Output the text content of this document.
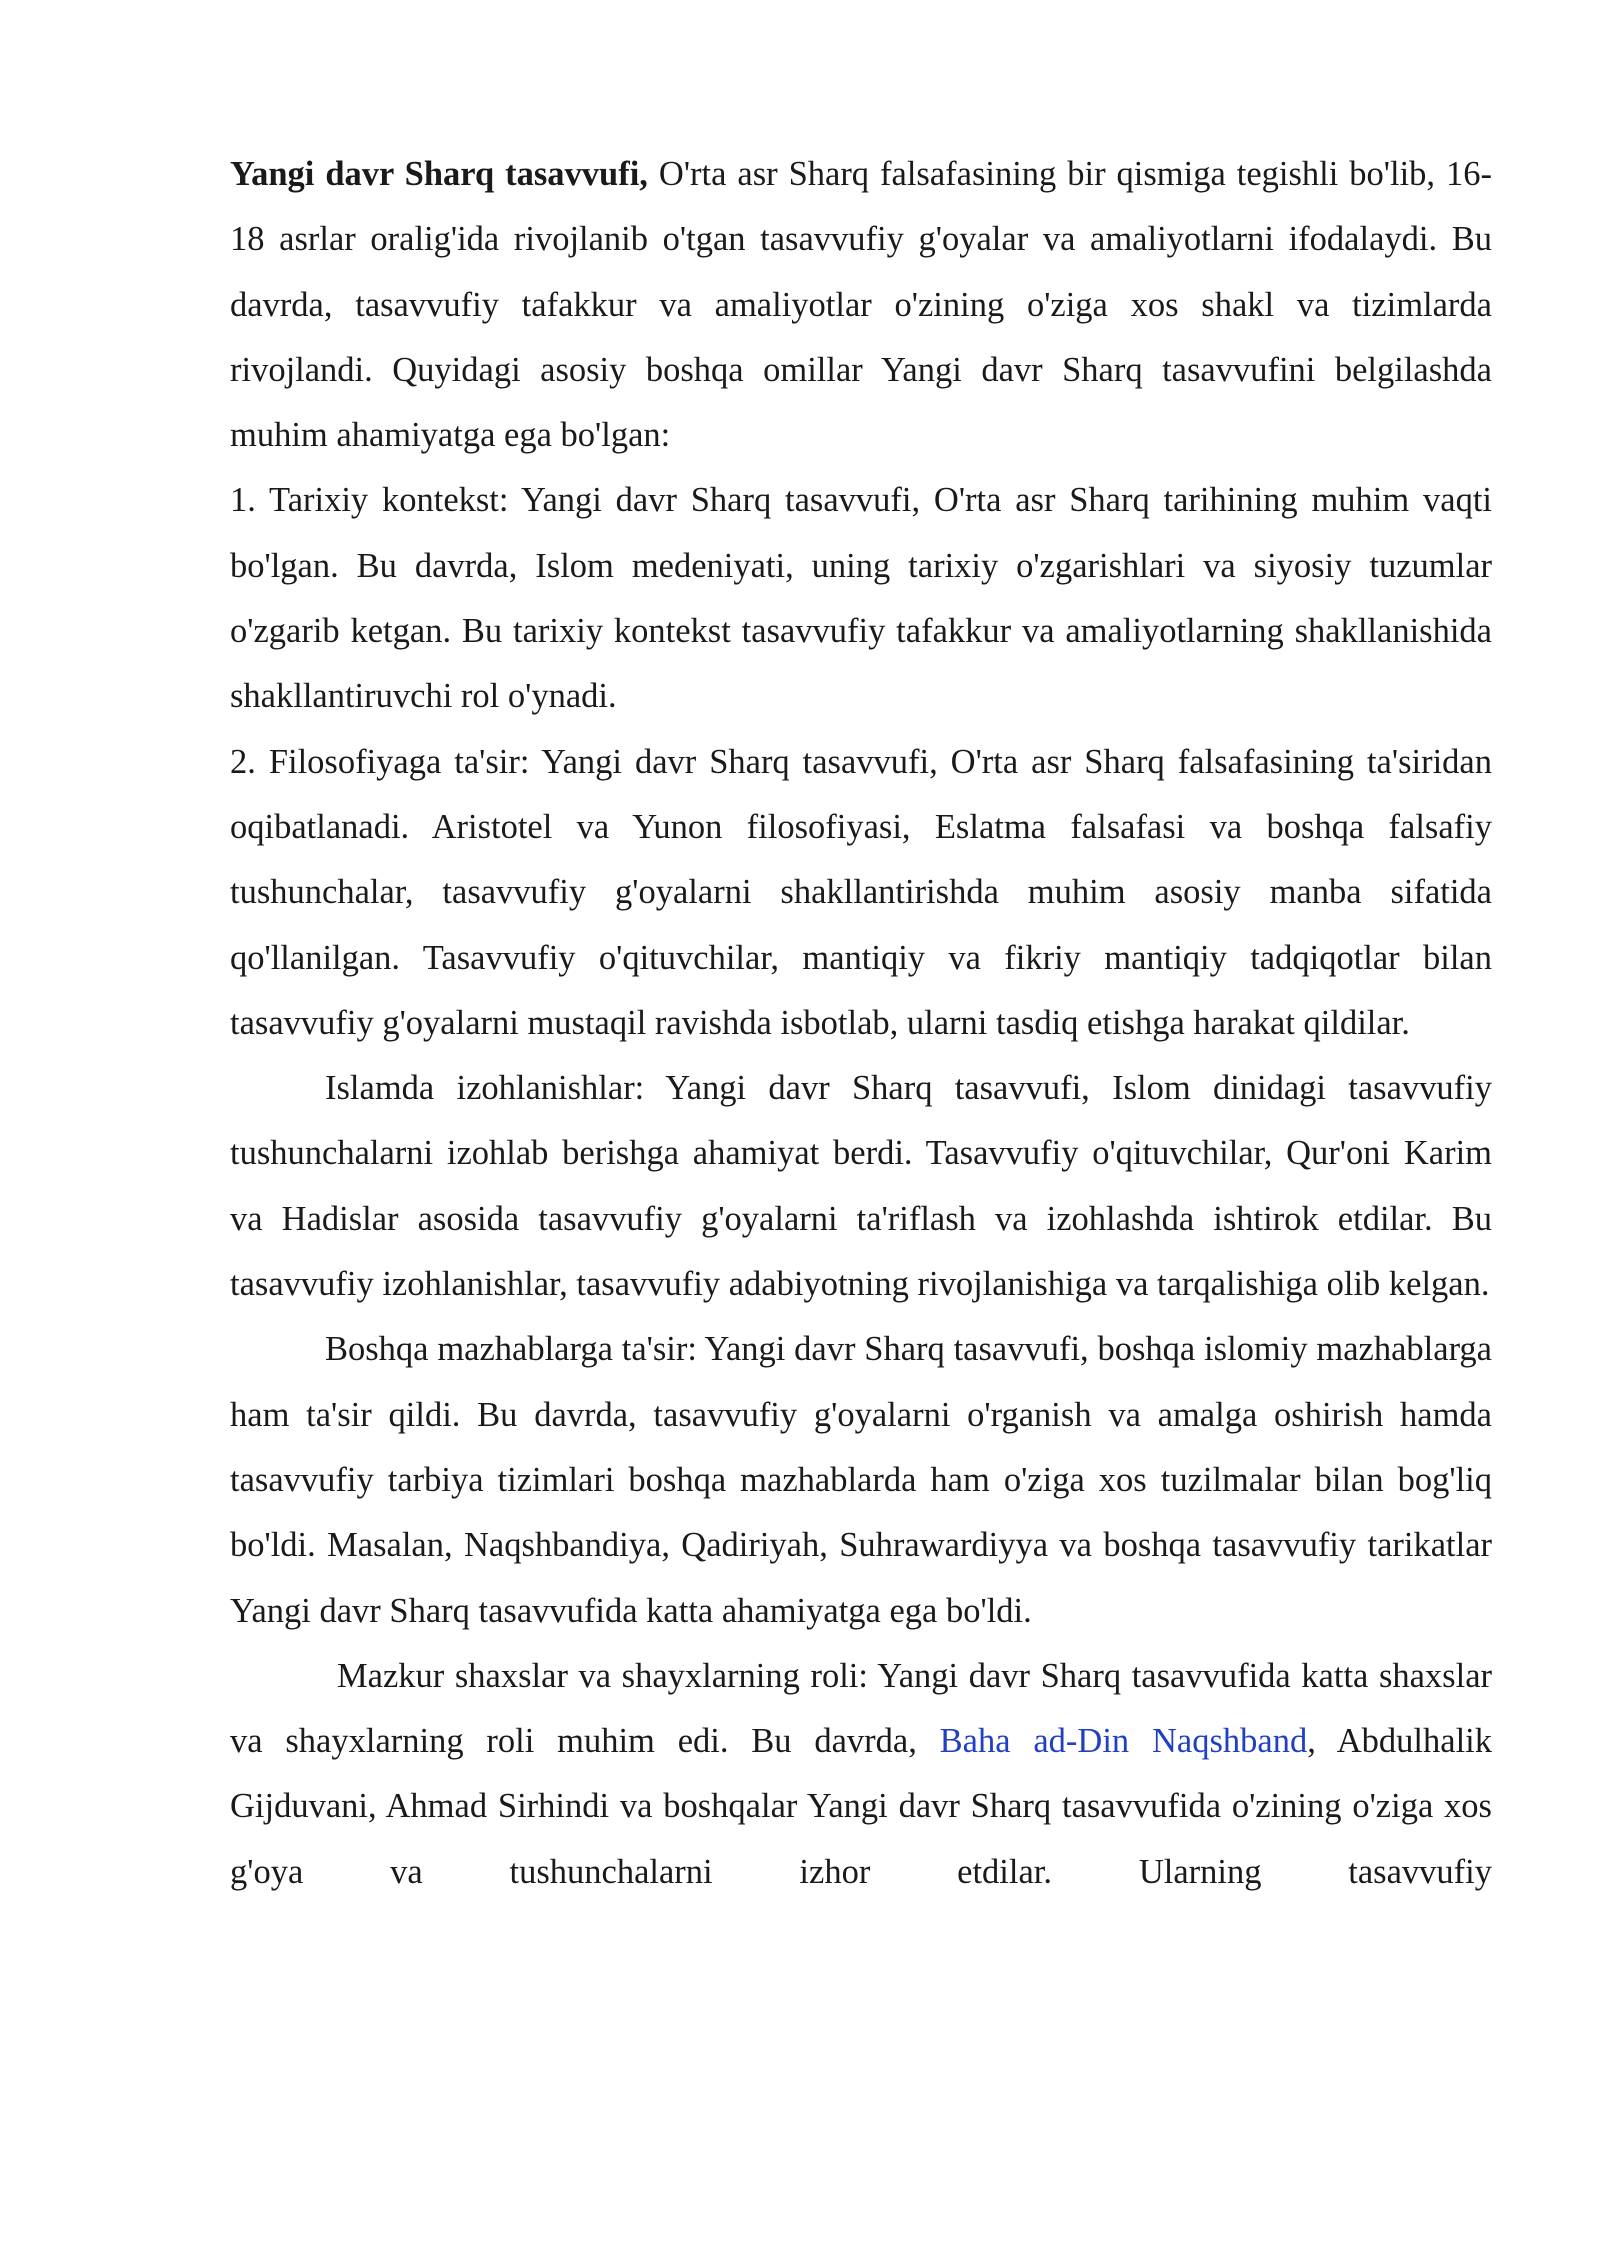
Yangi davr Sharq tasavvufi, O'rta asr Sharq falsafasining bir qismiga tegishli bo'lib, 16-18 asrlar oralig'ida rivojlanib o'tgan tasavvufiy g'oyalar va amaliyotlarni ifodalaydi. Bu davrda, tasavvufiy tafakkur va amaliyotlar o'zining o'ziga xos shakl va tizimlarda rivojlandi. Quyidagi asosiy boshqa omillar Yangi davr Sharq tasavvufini belgilashda muhim ahamiyatga ega bo'lgan:

1. Tarixiy kontekst: Yangi davr Sharq tasavvufi, O'rta asr Sharq tarihining muhim vaqti bo'lgan. Bu davrda, Islom medeniyati, uning tarixiy o'zgarishlari va siyosiy tuzumlar o'zgarib ketgan. Bu tarixiy kontekst tasavvufiy tafakkur va amaliyotlarning shakllanishida shakllantiruvchi rol o'ynadi.

2. Filosofiyaga ta'sir: Yangi davr Sharq tasavvufi, O'rta asr Sharq falsafasining ta'siridan oqibatlanadi. Aristotel va Yunon filosofiyasi, Eslatma falsafasi va boshqa falsafiy tushunchalar, tasavvufiy g'oyalarni shakllantirishda muhim asosiy manba sifatida qo'llanilgan. Tasavvufiy o'qituvchilar, mantiqiy va fikriy mantiqiy tadqiqotlar bilan tasavvufiy g'oyalarni mustaqil ravishda isbotlab, ularni tasdiq etishga harakat qildilar.

Islamda izohlanishlar: Yangi davr Sharq tasavvufi, Islom dinidagi tasavvufiy tushunchalarni izohlab berishga ahamiyat berdi. Tasavvufiy o'qituvchilar, Qur'oni Karim va Hadislar asosida tasavvufiy g'oyalarni ta'riflash va izohlashda ishtirok etdilar. Bu tasavvufiy izohlanishlar, tasavvufiy adabiyotning rivojlanishiga va tarqalishiga olib kelgan.

Boshqa mazhablarga ta'sir: Yangi davr Sharq tasavvufi, boshqa islomiy mazhablarga ham ta'sir qildi. Bu davrda, tasavvufiy g'oyalarni o'rganish va amalga oshirish hamda tasavvufiy tarbiya tizimlari boshqa mazhablarda ham o'ziga xos tuzilmalar bilan bog'liq bo'ldi. Masalan, Naqshbandiya, Qadiriyah, Suhrawardiyya va boshqa tasavvufiy tarikatlar Yangi davr Sharq tasavvufida katta ahamiyatga ega bo'ldi.

Mazkur shaxslar va shayxlarning roli: Yangi davr Sharq tasavvufida katta shaxslar va shayxlarning roli muhim edi. Bu davrda, Baha ad-Din Naqshband, Abdulhalik Gijduvani, Ahmad Sirhindi va boshqalar Yangi davr Sharq tasavvufida o'zining o'ziga xos g'oya va tushunchalarni izhor etdilar. Ularning tasavvufiy
